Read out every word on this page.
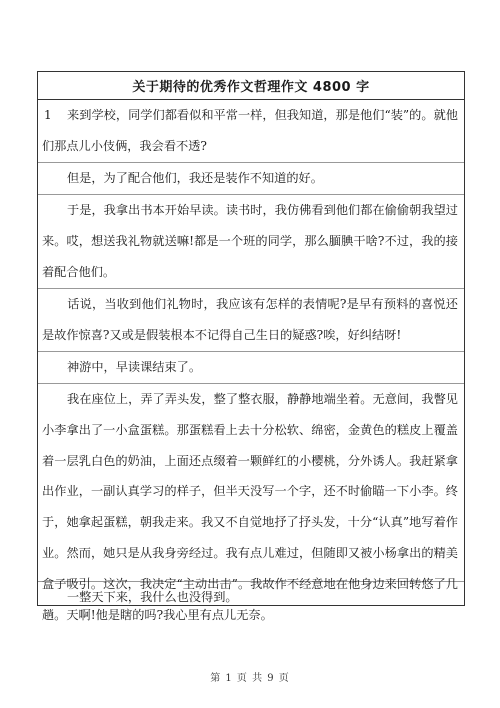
关于期待的优秀作文哲理作文 4800 字
1 来到学校，同学们都看似和平常一样，但我知道，那是他们“装”的。就他们那点儿小伎俩，我会看不透?
但是，为了配合他们，我还是装作不知道的好。
于是，我拿出书本开始早读。读书时，我仿佛看到他们都在偷偷朝我望过来。哎，想送我礼物就送嘛!都是一个班的同学，那么腼腆干啥?不过，我的接着配合他们。
话说，当收到他们礼物时，我应该有怎样的表情呢?是早有预料的喜悦还是故作惊喜?又或是假装根本不记得自己生日的疑惑?唉，好纠结呀!
神游中，早读课结束了。
我在座位上，弄了弄头发，整了整衣服，静静地端坐着。无意间，我瞥见小李拿出了一小盒蛋糕。那蛋糕看上去十分松软、绵密，金黄色的糕皮上覆盖着一层乳白色的奶油，上面还点缀着一颗鲜红的小樱桃，分外诱人。我赶紧拿出作业，一副认真学习的样子，但半天没写一个字，还不时偷瞄一下小李。终于，她拿起蛋糕，朝我走来。我又不自觉地抒了抒头发，十分“认真”地写着作业。然而，她只是从我身旁经过。我有点儿难过，但随即又被小杨拿出的精美盒子吸引。这次，我决定“主动出击”。我故作不经意地在他身边来回转悠了几趟。天啊!他是瞎的吗?我心里有点儿无奈。
一整天下来，我什么也没得到。
第 1 页 共 9 页
